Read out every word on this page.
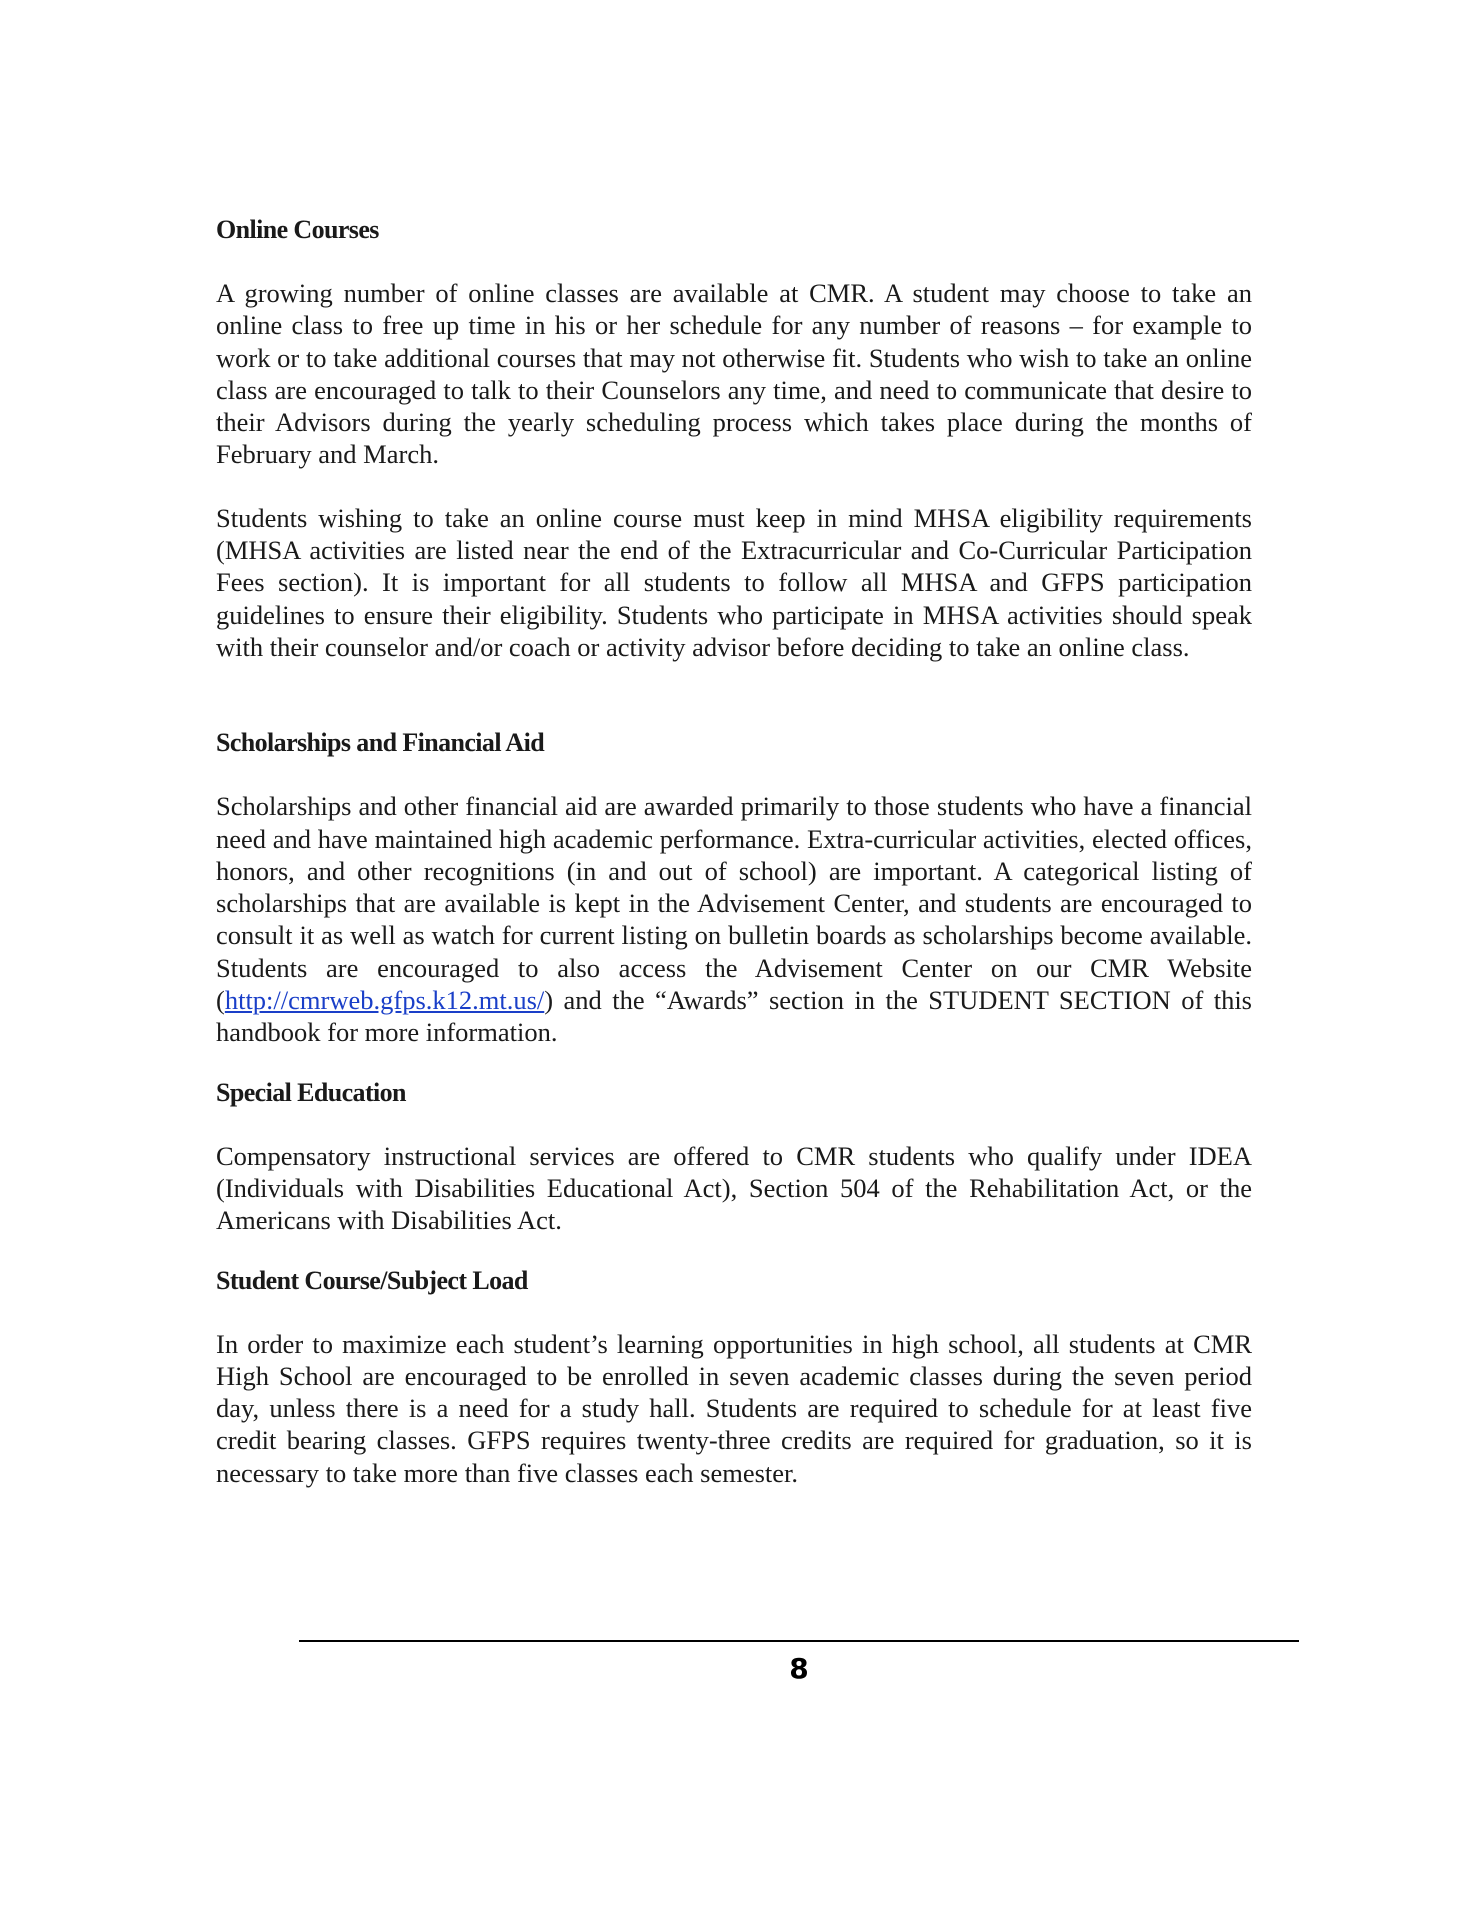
Online Courses

A growing number of online classes are available at CMR. A student may choose to take an online class to free up time in his or her schedule for any number of reasons – for example to work or to take additional courses that may not otherwise fit. Students who wish to take an online class are encouraged to talk to their Counselors any time, and need to communicate that desire to their Advisors during the yearly scheduling process which takes place during the months of February and March.

Students wishing to take an online course must keep in mind MHSA eligibility requirements (MHSA activities are listed near the end of the Extracurricular and Co-Curricular Participation Fees section). It is important for all students to follow all MHSA and GFPS participation guidelines to ensure their eligibility. Students who participate in MHSA activities should speak with their counselor and/or coach or activity advisor before deciding to take an online class.

Scholarships and Financial Aid

Scholarships and other financial aid are awarded primarily to those students who have a financial need and have maintained high academic performance. Extra-curricular activities, elected offices, honors, and other recognitions (in and out of school) are important. A categorical listing of scholarships that are available is kept in the Advisement Center, and students are encouraged to consult it as well as watch for current listing on bulletin boards as scholarships become available. Students are encouraged to also access the Advisement Center on our CMR Website (http://cmrweb.gfps.k12.mt.us/) and the “Awards” section in the STUDENT SECTION of this handbook for more information.

Special Education

Compensatory instructional services are offered to CMR students who qualify under IDEA (Individuals with Disabilities Educational Act), Section 504 of the Rehabilitation Act, or the Americans with Disabilities Act.

Student Course/Subject Load

In order to maximize each student’s learning opportunities in high school, all students at CMR High School are encouraged to be enrolled in seven academic classes during the seven period day, unless there is a need for a study hall. Students are required to schedule for at least five credit bearing classes. GFPS requires twenty-three credits are required for graduation, so it is necessary to take more than five classes each semester.

8
